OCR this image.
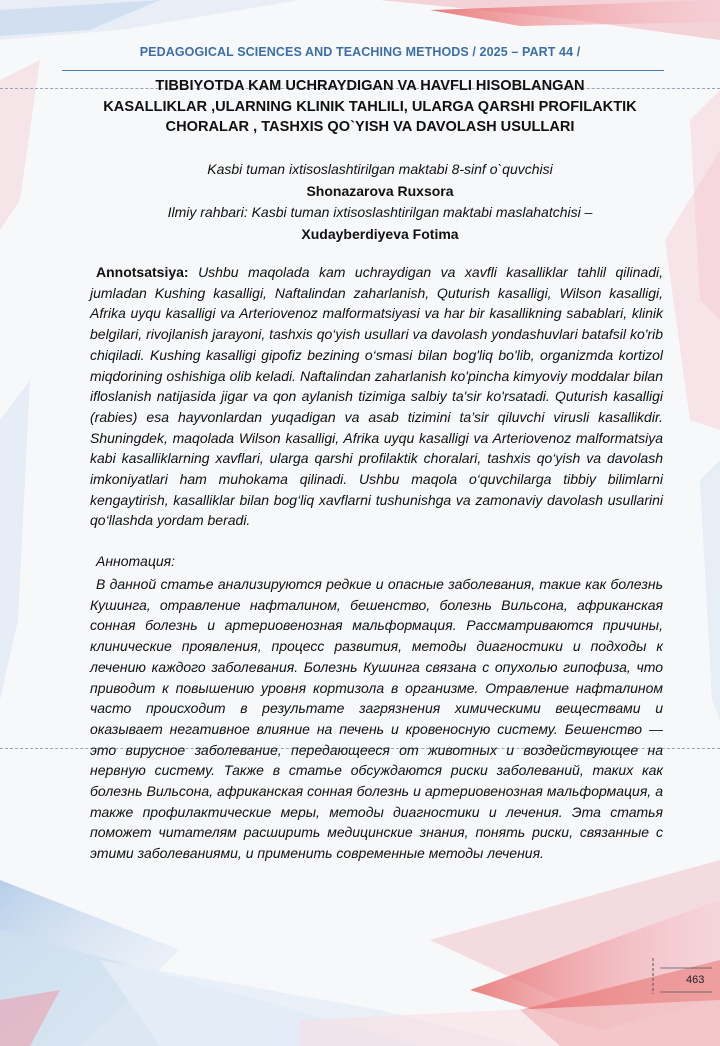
PEDAGOGICAL SCIENCES AND TEACHING METHODS / 2025 – PART 44 /
TIBBIYOTDA KAM UCHRAYDIGAN VA HAVFLI HISOBLANGAN
KASALLIKLAR ,ULARNING KLINIK TAHLILI, ULARGA QARSHI PROFILAKTIK
CHORALAR , TASHXIS QO`YISH VA DAVOLASH USULLARI
Kasbi tuman ixtisoslashtirilgan maktabi 8-sinf o`quvchisi
Shonazarova Ruxsora
Ilmiy rahbari: Kasbi tuman ixtisoslashtirilgan maktabi maslahatchisi –
Xudayberdiyeva Fotima
Annotsatsiya: Ushbu maqolada kam uchraydigan va xavfli kasalliklar tahlil qilinadi, jumladan Kushing kasalligi, Naftalindan zaharlanish, Quturish kasalligi, Wilson kasalligi, Afrika uyqu kasalligi va Arteriovenoz malformatsiyasi va har bir kasallikning sabablari, klinik belgilari, rivojlanish jarayoni, tashxis qo‘yish usullari va davolash yondashuvlari batafsil ko'rib chiqiladi. Kushing kasalligi gipofiz bezining o‘smasi bilan bog'liq bo'lib, organizmda kortizol miqdorining oshishiga olib keladi. Naftalindan zaharlanish ko'pincha kimyoviy moddalar bilan ifloslanish natijasida jigar va qon aylanish tizimiga salbiy ta'sir ko'rsatadi. Quturish kasalligi (rabies) esa hayvonlardan yuqadigan va asab tizimini ta’sir qiluvchi virusli kasallikdir. Shuningdek, maqolada Wilson kasalligi, Afrika uyqu kasalligi va Arteriovenoz malformatsiya kabi kasalliklarning xavflari, ularga qarshi profilaktik choralari, tashxis qo‘yish va davolash imkoniyatlari ham muhokama qilinadi. Ushbu maqola o‘quvchilarga tibbiy bilimlarni kengaytirish, kasalliklar bilan bog‘liq xavflarni tushunishga va zamonaviy davolash usullarini qo‘llashda yordam beradi.
Аннотация:
В данной статье анализируются редкие и опасные заболевания, такие как болезнь Кушинга, отравление нафталином, бешенство, болезнь Вильсона, африканская сонная болезнь и артериовенозная мальформация. Рассматриваются причины, клинические проявления, процесс развития, методы диагностики и подходы к лечению каждого заболевания. Болезнь Кушинга связана с опухолью гипофиза, что приводит к повышению уровня кортизола в организме. Отравление нафталином часто происходит в результате загрязнения химическими веществами и оказывает негативное влияние на печень и кровеносную систему. Бешенство — это вирусное заболевание, передающееся от животных и воздействующее на нервную систему. Также в статье обсуждаются риски заболеваний, таких как болезнь Вильсона, африканская сонная болезнь и артериовенозная мальформация, а также профилактические меры, методы диагностики и лечения. Эта статья поможет читателям расширить медицинские знания, понять риски, связанные с этими заболеваниями, и применить современные методы лечения.
463
